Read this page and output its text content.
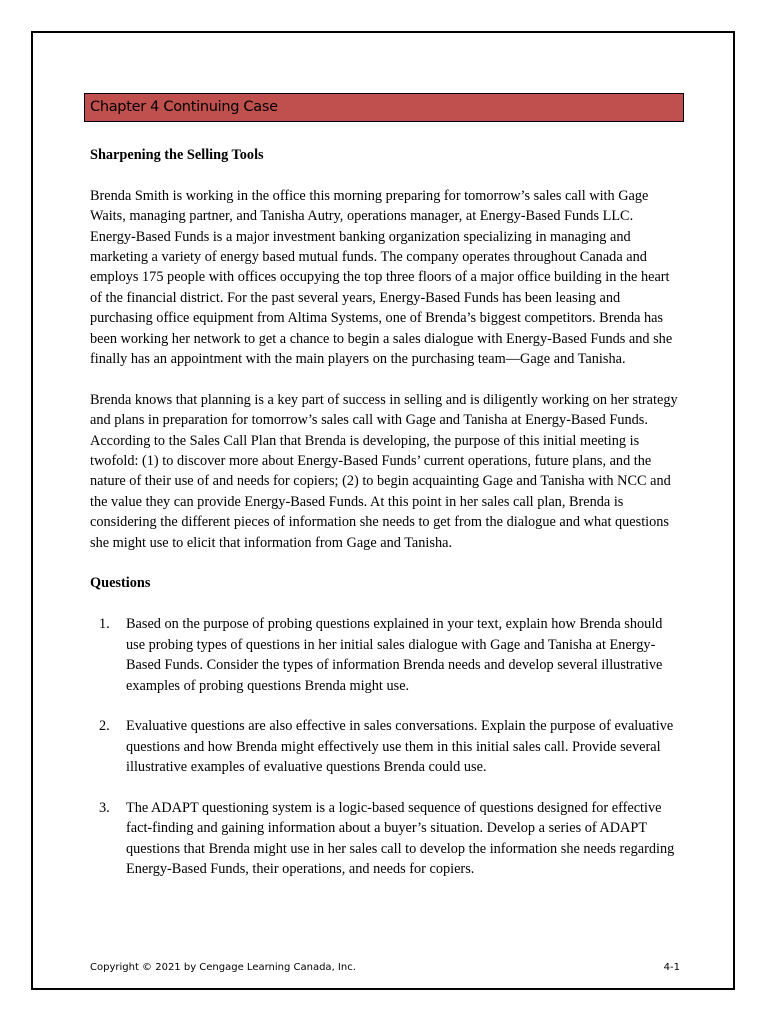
Chapter 4 Continuing Case

Sharpening the Selling Tools

Brenda Smith is working in the office this morning preparing for tomorrow’s sales call with Gage Waits, managing partner, and Tanisha Autry, operations manager, at Energy-Based Funds LLC. Energy-Based Funds is a major investment banking organization specializing in managing and marketing a variety of energy based mutual funds. The company operates throughout Canada and employs 175 people with offices occupying the top three floors of a major office building in the heart of the financial district. For the past several years, Energy-Based Funds has been leasing and purchasing office equipment from Altima Systems, one of Brenda’s biggest competitors. Brenda has been working her network to get a chance to begin a sales dialogue with Energy-Based Funds and she finally has an appointment with the main players on the purchasing team—Gage and Tanisha.

Brenda knows that planning is a key part of success in selling and is diligently working on her strategy and plans in preparation for tomorrow’s sales call with Gage and Tanisha at Energy-Based Funds. According to the Sales Call Plan that Brenda is developing, the purpose of this initial meeting is twofold: (1) to discover more about Energy-Based Funds’ current operations, future plans, and the nature of their use of and needs for copiers; (2) to begin acquainting Gage and Tanisha with NCC and the value they can provide Energy-Based Funds. At this point in her sales call plan, Brenda is considering the different pieces of information she needs to get from the dialogue and what questions she might use to elicit that information from Gage and Tanisha.

Questions

1. Based on the purpose of probing questions explained in your text, explain how Brenda should use probing types of questions in her initial sales dialogue with Gage and Tanisha at Energy-Based Funds. Consider the types of information Brenda needs and develop several illustrative examples of probing questions Brenda might use.
2. Evaluative questions are also effective in sales conversations. Explain the purpose of evaluative questions and how Brenda might effectively use them in this initial sales call. Provide several illustrative examples of evaluative questions Brenda could use.
3. The ADAPT questioning system is a logic-based sequence of questions designed for effective fact-finding and gaining information about a buyer’s situation. Develop a series of ADAPT questions that Brenda might use in her sales call to develop the information she needs regarding Energy-Based Funds, their operations, and needs for copiers.
Copyright © 2021 by Cengage Learning Canada, Inc.	4-1
